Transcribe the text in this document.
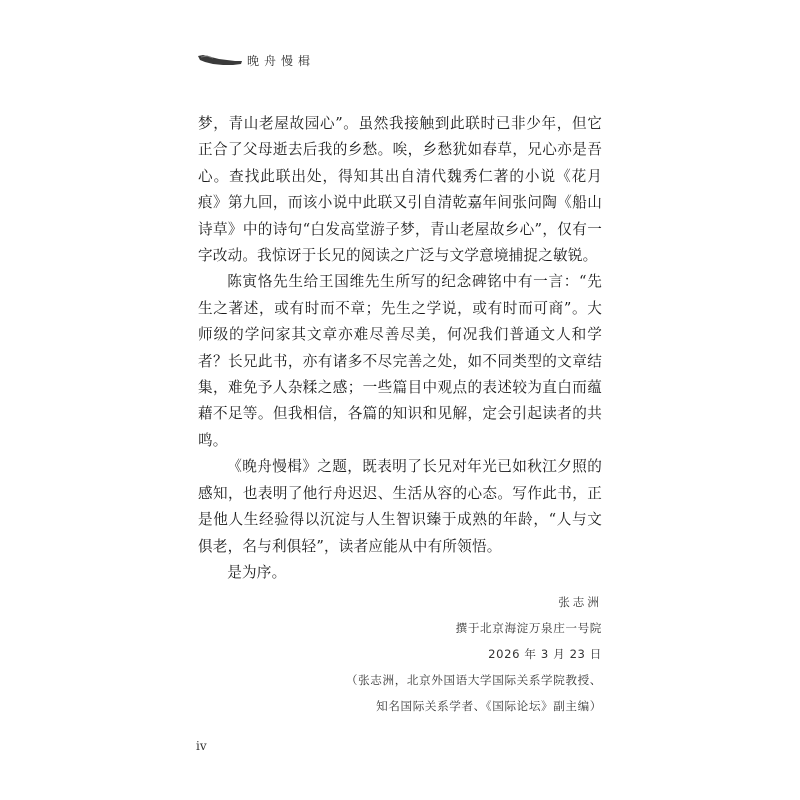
晚舟慢楫

梦，青山老屋故园心”。虽然我接触到此联时已非少年，但它正合了父母逝去后我的乡愁。唉，乡愁犹如春草，兄心亦是吾心。查找此联出处，得知其出自清代魏秀仁著的小说《花月痕》第九回，而该小说中此联又引自清乾嘉年间张问陶《船山诗草》中的诗句“白发高堂游子梦，青山老屋故乡心”，仅有一字改动。我惊讶于长兄的阅读之广泛与文学意境捕捉之敏锐。

陈寅恪先生给王国维先生所写的纪念碑铭中有一言：“先生之著述，或有时而不章；先生之学说，或有时而可商”。大师级的学问家其文章亦难尽善尽美，何况我们普通文人和学者？长兄此书，亦有诸多不尽完善之处，如不同类型的文章结集，难免予人杂糅之感；一些篇目中观点的表述较为直白而蕴藉不足等。但我相信，各篇的知识和见解，定会引起读者的共鸣。

《晚舟慢楫》之题，既表明了长兄对年光已如秋江夕照的感知，也表明了他行舟迟迟、生活从容的心态。写作此书，正是他人生经验得以沉淀与人生智识臻于成熟的年龄，“人与文俱老，名与利俱轻”，读者应能从中有所领悟。

是为序。

张志洲
撰于北京海淀万泉庄一号院
2026 年 3 月 23 日
（张志洲，北京外国语大学国际关系学院教授、
知名国际关系学者、《国际论坛》副主编）
iv
